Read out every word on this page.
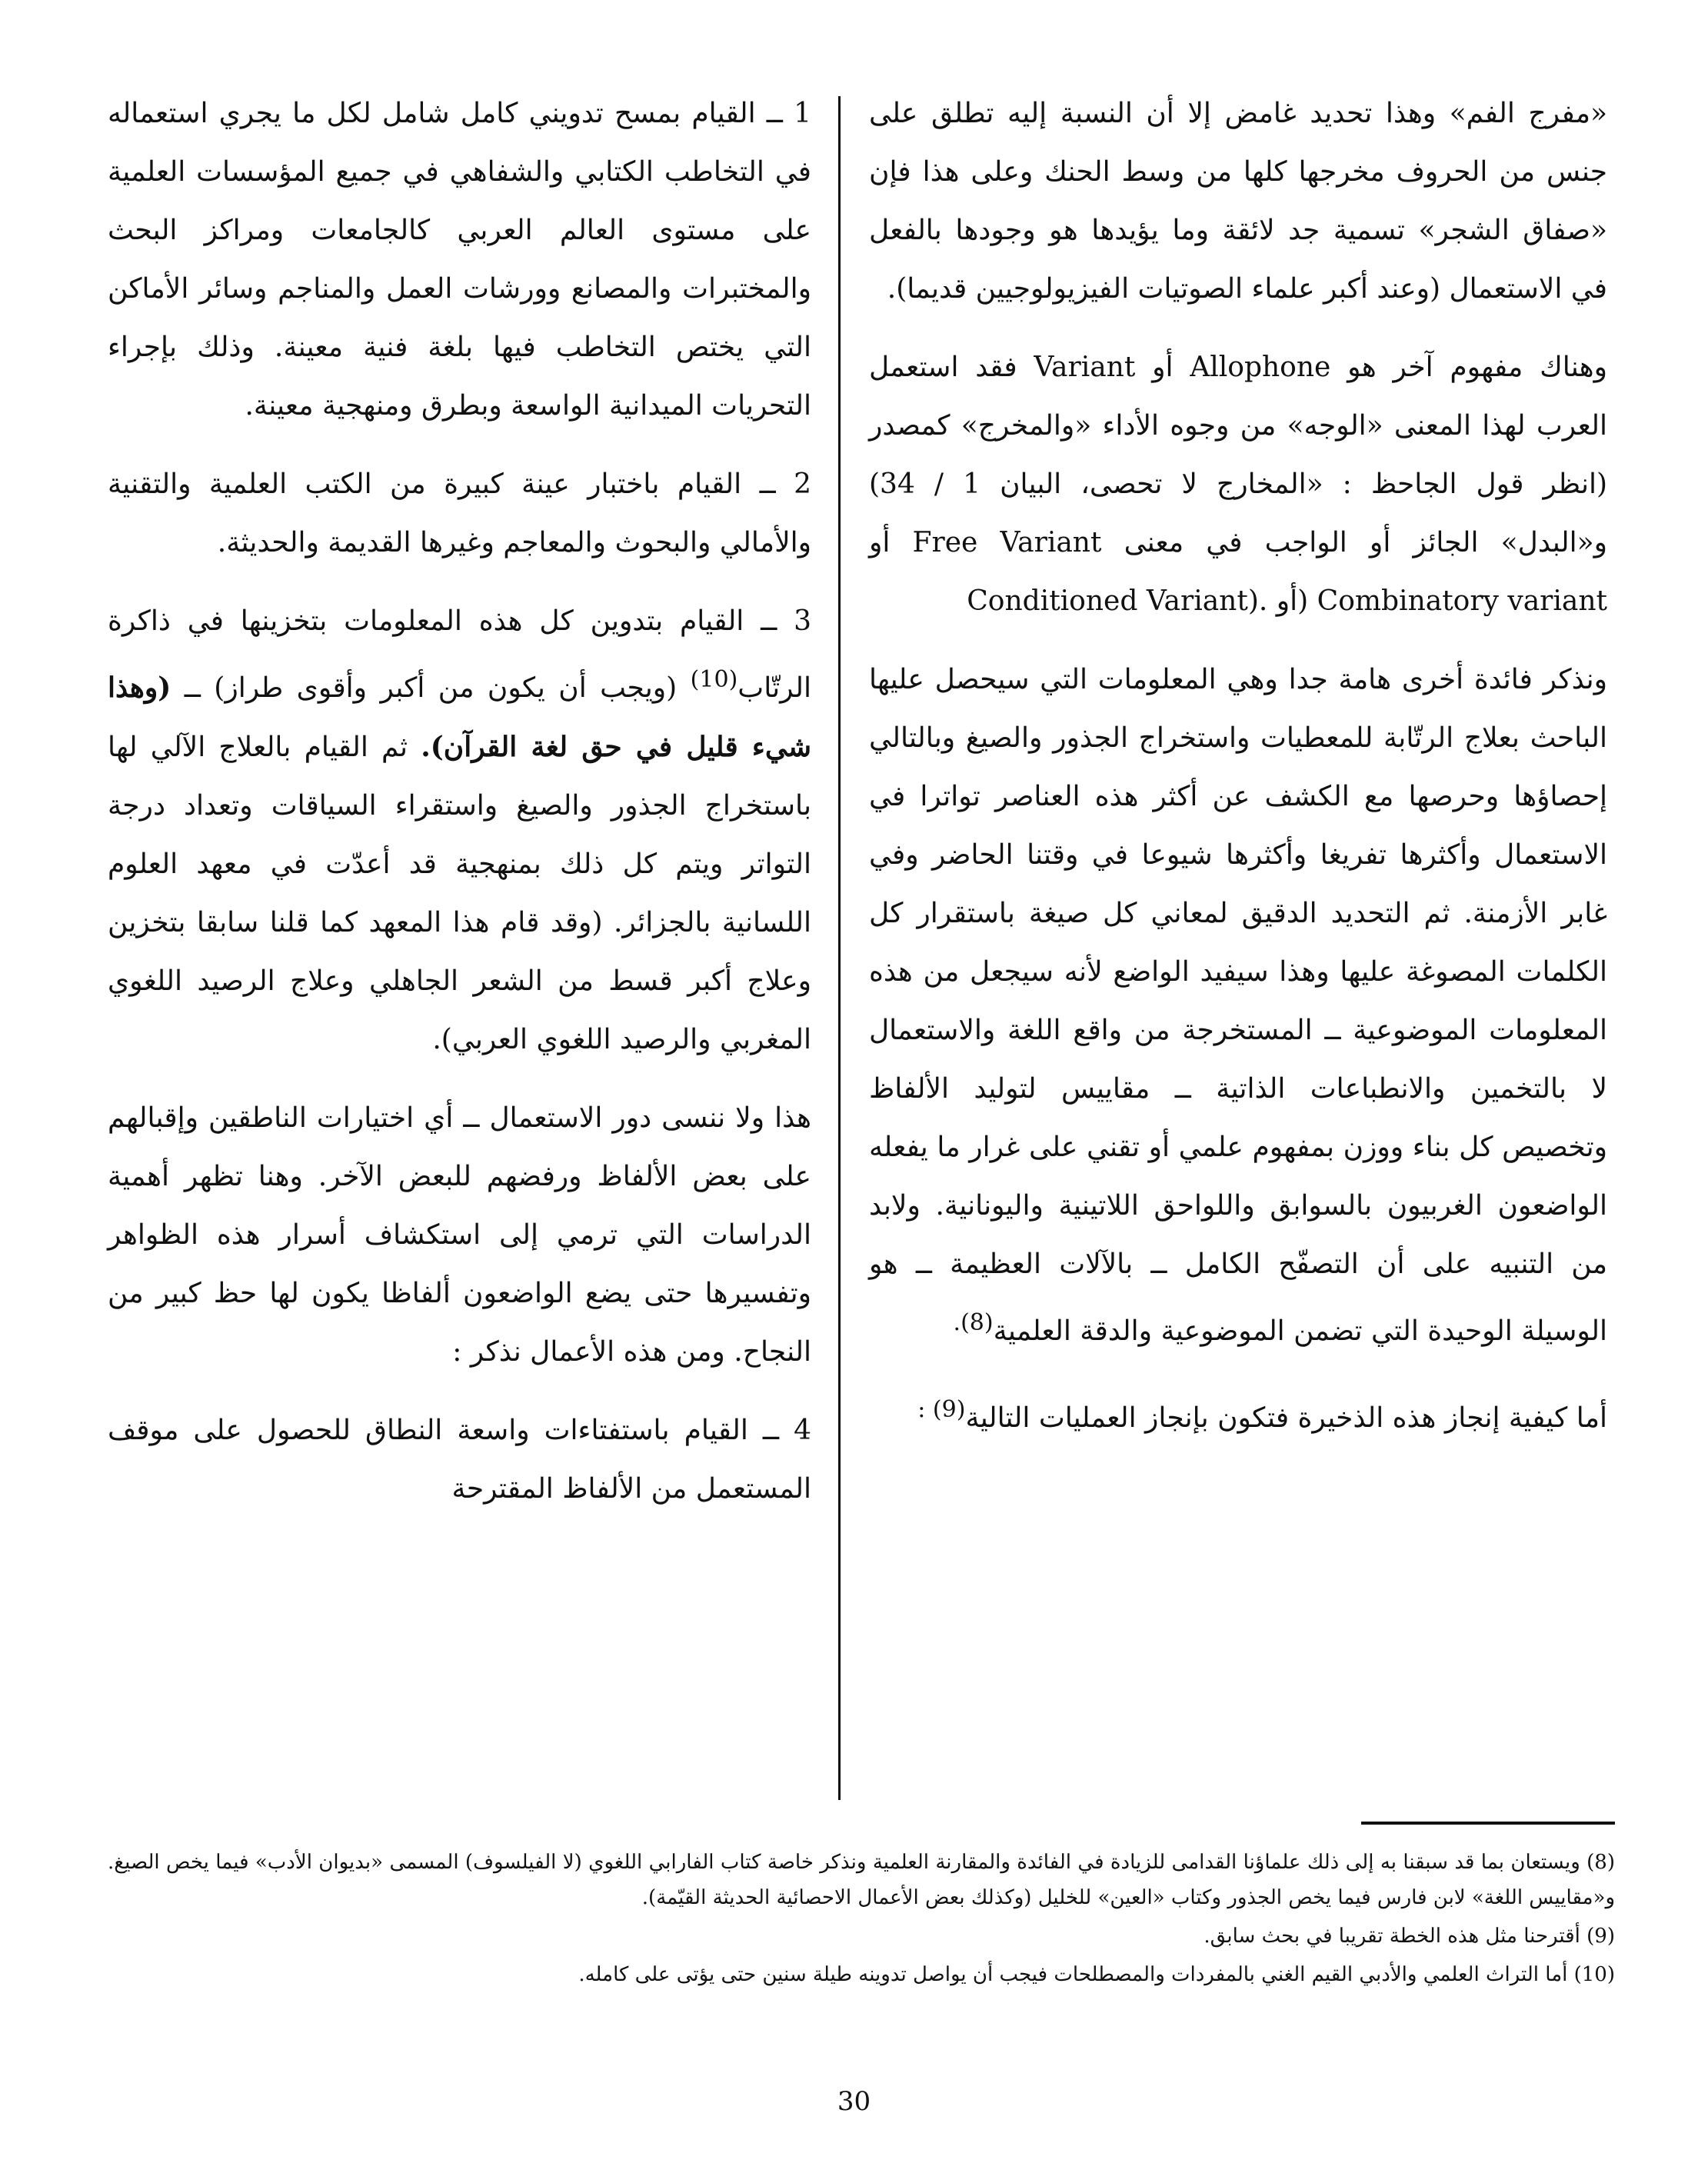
«مفرج الفم» وهذا تحديد غامض إلا أن النسبة إليه تطلق على جنس من الحروف مخرجها كلها من وسط الحنك وعلى هذا فإن «صفاق الشجر» تسمية جد لائقة وما يؤيدها هو وجودها بالفعل في الاستعمال (وعند أكبر علماء الصوتيات الفيزيولوجيين قديما).

وهناك مفهوم آخر هو Allophone أو Variant فقد استعمل العرب لهذا المعنى «الوجه» من وجوه الأداء «والمخرج» كمصدر (انظر قول الجاحظ : «المخارج لا تحصى، البيان 1 / 34) و«البدل» الجائز أو الواجب في معنى Free Variant أو Combinatory variant (أو Conditioned Variant).

ونذكر فائدة أخرى هامة جدا وهي المعلومات التي سيحصل عليها الباحث بعلاج الرتّابة للمعطيات واستخراج الجذور والصيغ وبالتالي إحصاؤها وحرصها مع الكشف عن أكثر هذه العناصر تواترا في الاستعمال وأكثرها تفريغا وأكثرها شيوعا في وقتنا الحاضر وفي غابر الأزمنة. ثم التحديد الدقيق لمعاني كل صيغة باستقرار كل الكلمات المصوغة عليها وهذا سيفيد الواضع لأنه سيجعل من هذه المعلومات الموضوعية ــ المستخرجة من واقع اللغة والاستعمال لا بالتخمين والانطباعات الذاتية ــ مقاييس لتوليد الألفاظ وتخصيص كل بناء ووزن بمفهوم علمي أو تقني على غرار ما يفعله الواضعون الغربيون بالسوابق واللواحق اللاتينية واليونانية. ولابد من التنبيه على أن التصفّح الكامل ــ بالآلات العظيمة ــ هو الوسيلة الوحيدة التي تضمن الموضوعية والدقة العلمية$^{(8).}$

أما كيفية إنجاز هذه الذخيرة فتكون بإنجاز العمليات التالية$^{(9) :}$

1 ــ القيام بمسح تدويني كامل شامل لكل ما يجري استعماله في التخاطب الكتابي والشفاهي في جميع المؤسسات العلمية على مستوى العالم العربي كالجامعات ومراكز البحث والمختبرات والمصانع وورشات العمل والمناجم وسائر الأماكن التي يختص التخاطب فيها بلغة فنية معينة. وذلك بإجراء التحريات الميدانية الواسعة وبطرق ومنهجية معينة.

2 ــ القيام باختبار عينة كبيرة من الكتب العلمية والتقنية والأمالي والبحوث والمعاجم وغيرها القديمة والحديثة.

3 ــ القيام بتدوين كل هذه المعلومات بتخزينها في ذاكرة الرتّاب$^{(10)}$ (ويجب أن يكون من أكبر وأقوى طراز) ــ (وهذا شيء قليل في حق لغة القرآن). ثم القيام بالعلاج الآلي لها باستخراج الجذور والصيغ واستقراء السياقات وتعداد درجة التواتر ويتم كل ذلك بمنهجية قد أعدّت في معهد العلوم اللسانية بالجزائر. (وقد قام هذا المعهد كما قلنا سابقا بتخزين وعلاج أكبر قسط من الشعر الجاهلي وعلاج الرصيد اللغوي المغربي والرصيد اللغوي العربي).

هذا ولا ننسى دور الاستعمال ــ أي اختيارات الناطقين وإقبالهم على بعض الألفاظ ورفضهم للبعض الآخر. وهنا تظهر أهمية الدراسات التي ترمي إلى استكشاف أسرار هذه الظواهر وتفسيرها حتى يضع الواضعون ألفاظا يكون لها حظ كبير من النجاح. ومن هذه الأعمال نذكر :

4 ــ القيام باستفتاءات واسعة النطاق للحصول على موقف المستعمل من الألفاظ المقترحة

(8) ويستعان بما قد سبقنا به إلى ذلك علماؤنا القدامى للزيادة في الفائدة والمقارنة العلمية ونذكر خاصة كتاب الفارابي اللغوي (لا الفيلسوف) المسمى «بديوان الأدب» فيما يخص الصيغ. و«مقاييس اللغة» لابن فارس فيما يخص الجذور وكتاب «العين» للخليل (وكذلك بعض الأعمال الاحصائية الحديثة القيّمة).

(9) أقترحنا مثل هذه الخطة تقريبا في بحث سابق.

(10) أما التراث العلمي والأدبي القيم الغني بالمفردات والمصطلحات فيجب أن يواصل تدوينه طيلة سنين حتى يؤتى على كامله.

30
